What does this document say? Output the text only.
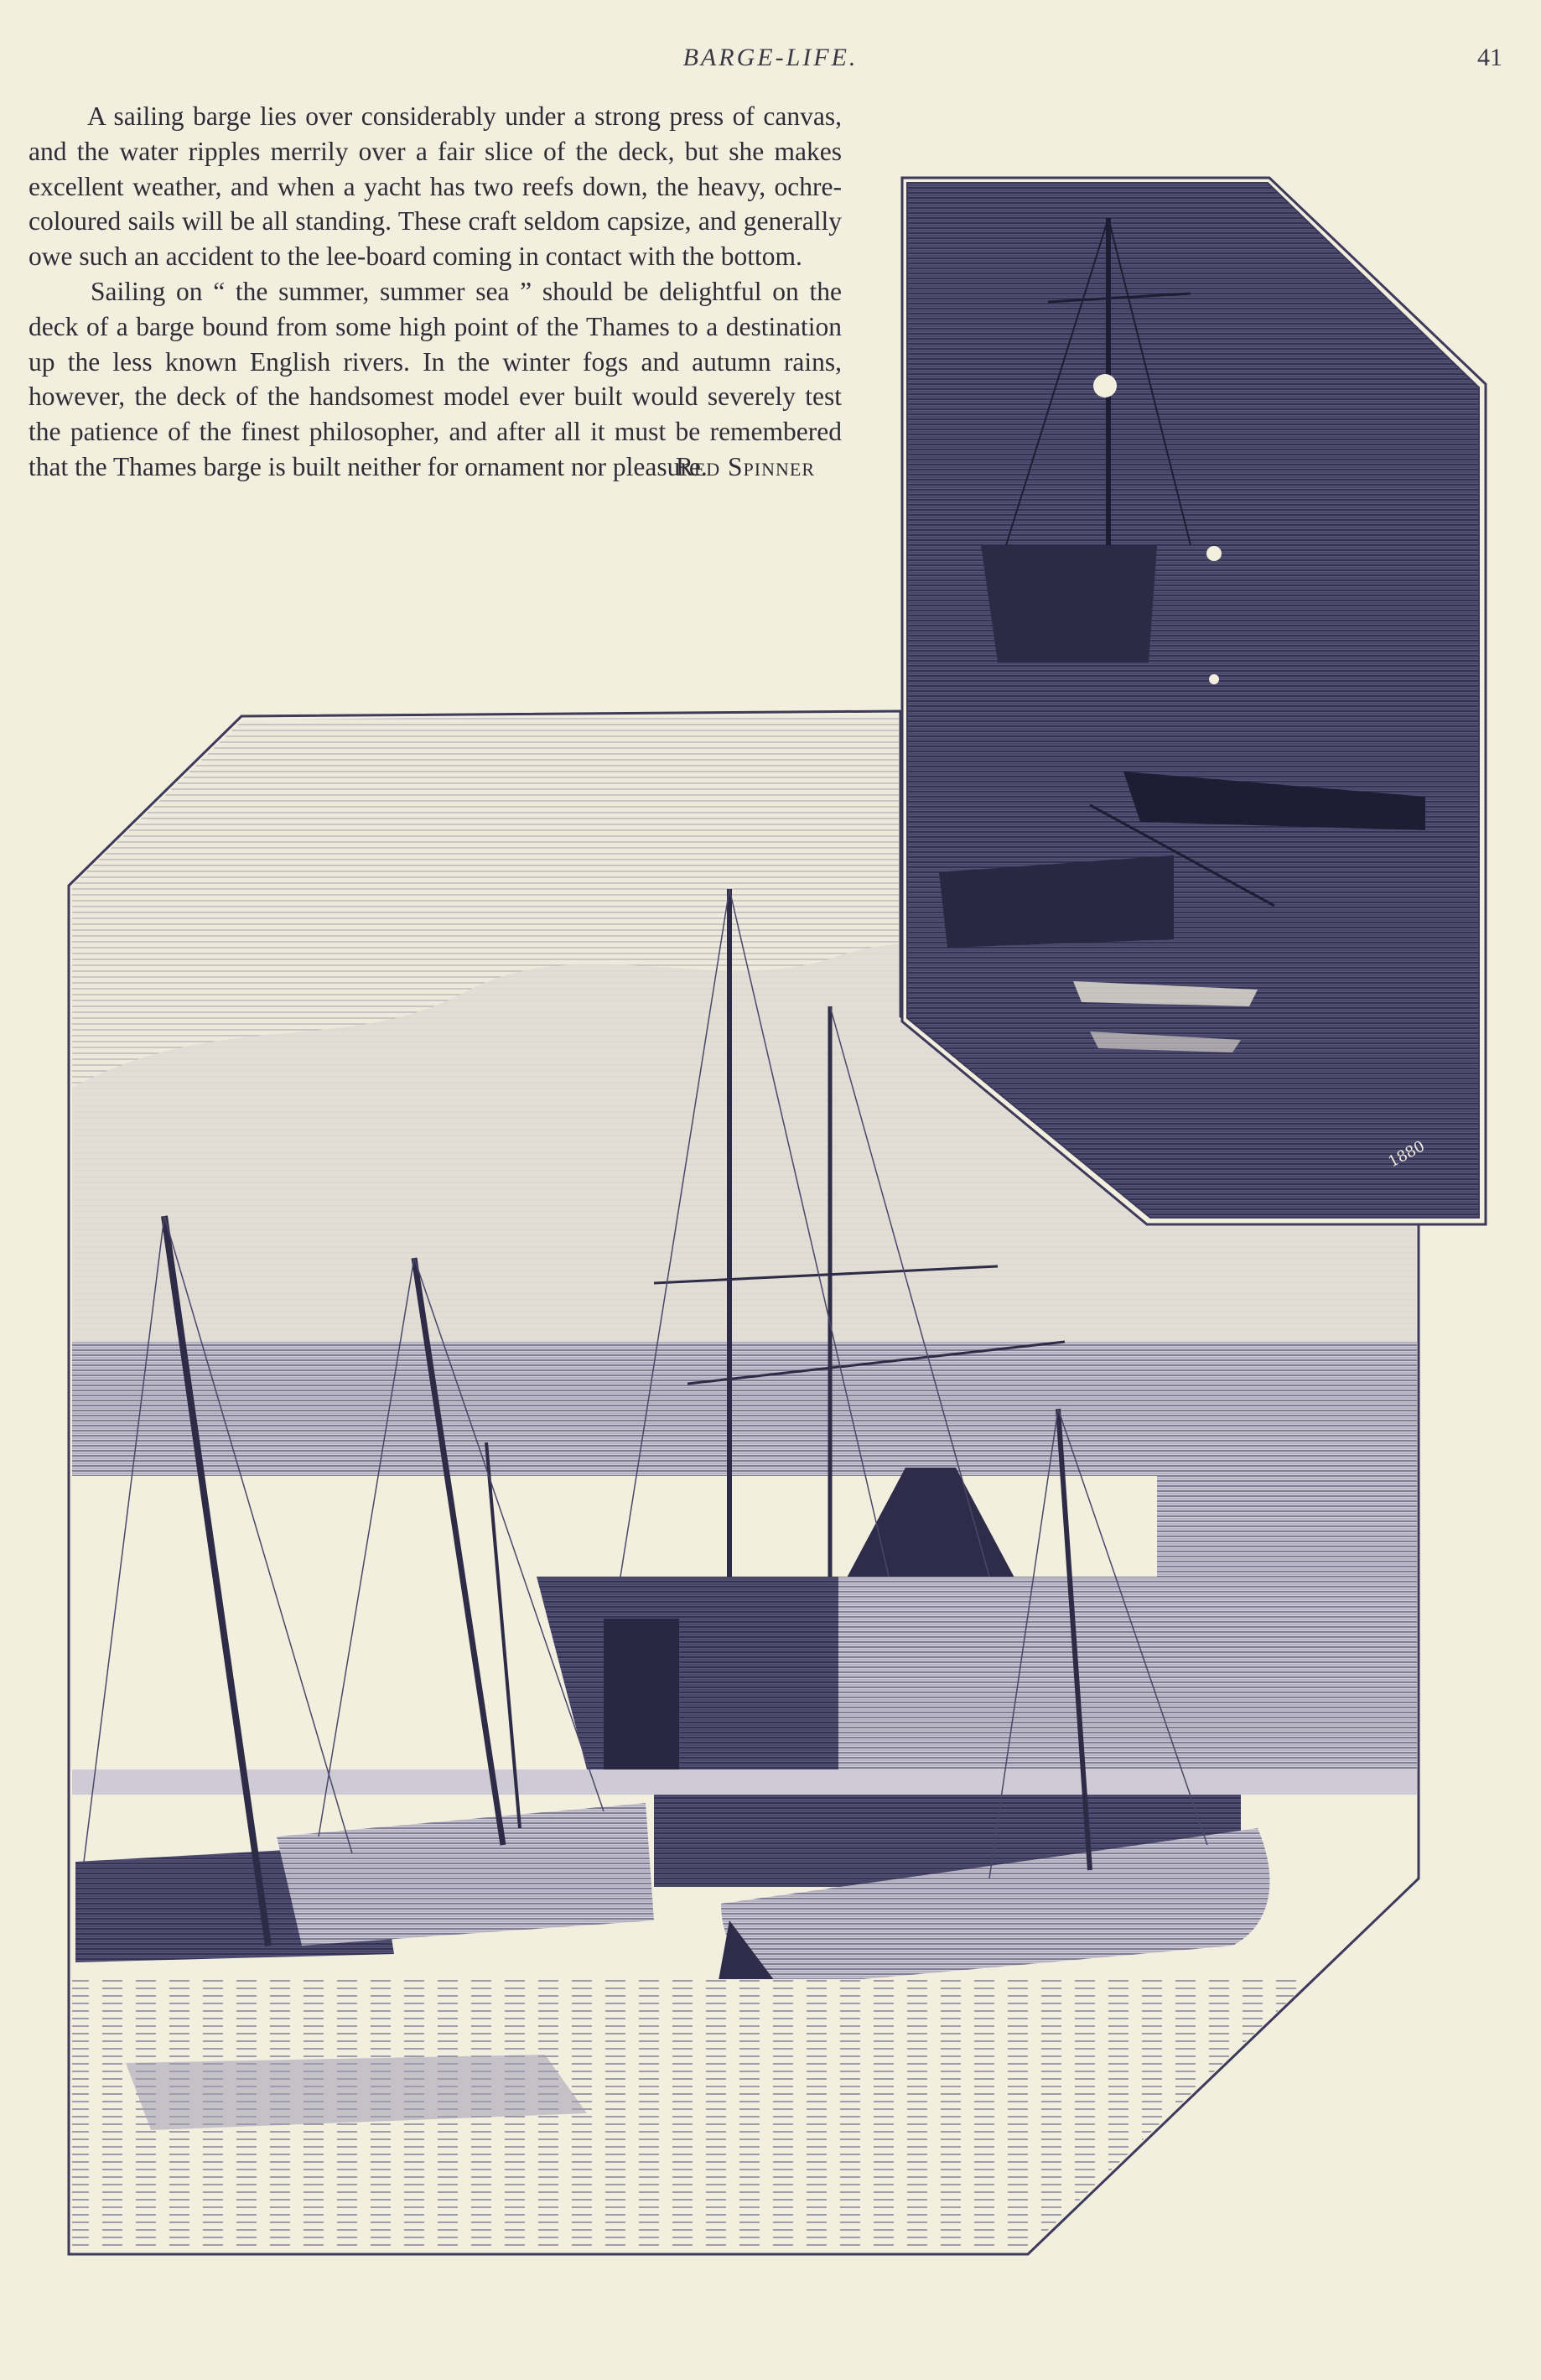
BARGE-LIFE.	41

A sailing barge lies over considerably under a strong press of canvas, and the water ripples merrily over a fair slice of the deck, but she makes excellent weather, and when a yacht has two reefs down, the heavy, ochre-coloured sails will be all standing. These craft seldom capsize, and generally owe such an accident to the lee-board coming in contact with the bottom.

Sailing on “ the summer, summer sea ” should be delightful on the deck of a barge bound from some high point of the Thames to a destination up the less known English rivers. In the winter fogs and autumn rains, however, the deck of the handsomest model ever built would severely test the patience of the finest philosopher, and after all it must be remembered that the Thames barge is built neither for ornament nor pleasure.

Red Spinner
1880
